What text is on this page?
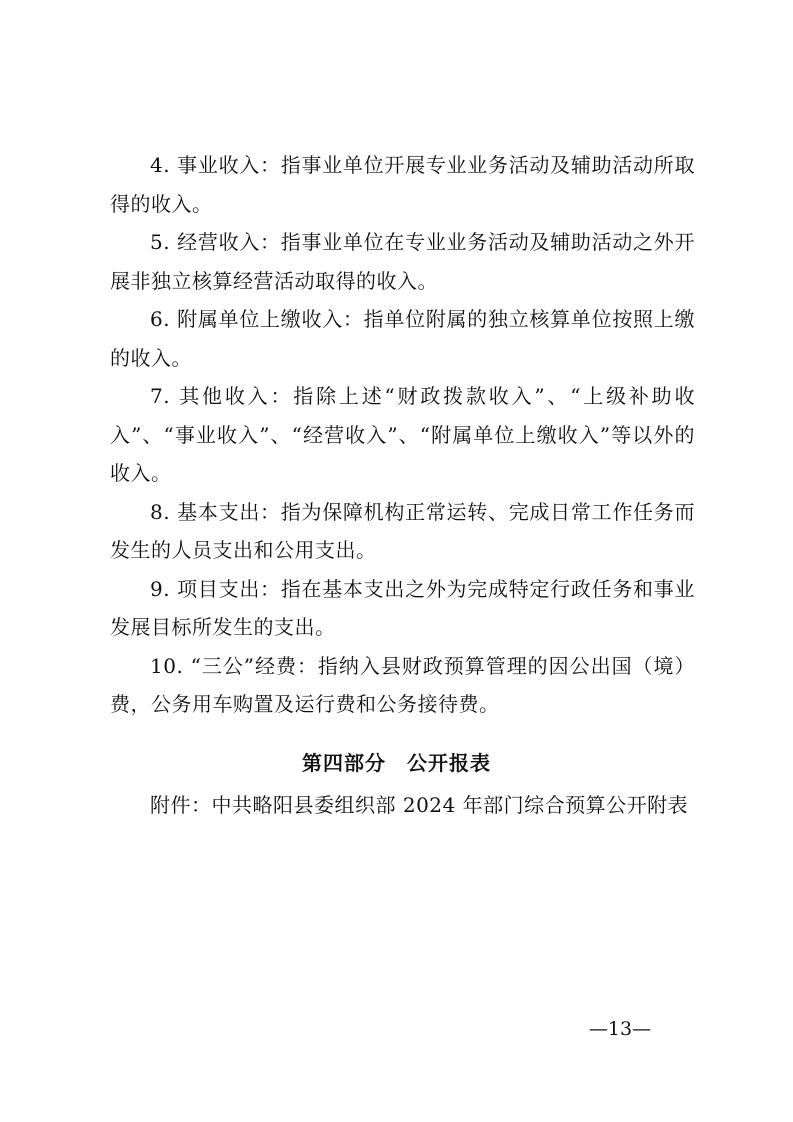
4. 事业收入：指事业单位开展专业业务活动及辅助活动所取得的收入。

5. 经营收入：指事业单位在专业业务活动及辅助活动之外开展非独立核算经营活动取得的收入。

6. 附属单位上缴收入：指单位附属的独立核算单位按照上缴的收入。

7. 其他收入：指除上述“财政拨款收入”、“上级补助收入”、“事业收入”、“经营收入”、“附属单位上缴收入”等以外的收入。

8. 基本支出：指为保障机构正常运转、完成日常工作任务而发生的人员支出和公用支出。

9. 项目支出：指在基本支出之外为完成特定行政任务和事业发展目标所发生的支出。

10. “三公”经费：指纳入县财政预算管理的因公出国（境）费，公务用车购置及运行费和公务接待费。

第四部分　公开报表
附件：中共略阳县委组织部 2024 年部门综合预算公开附表
—13—
